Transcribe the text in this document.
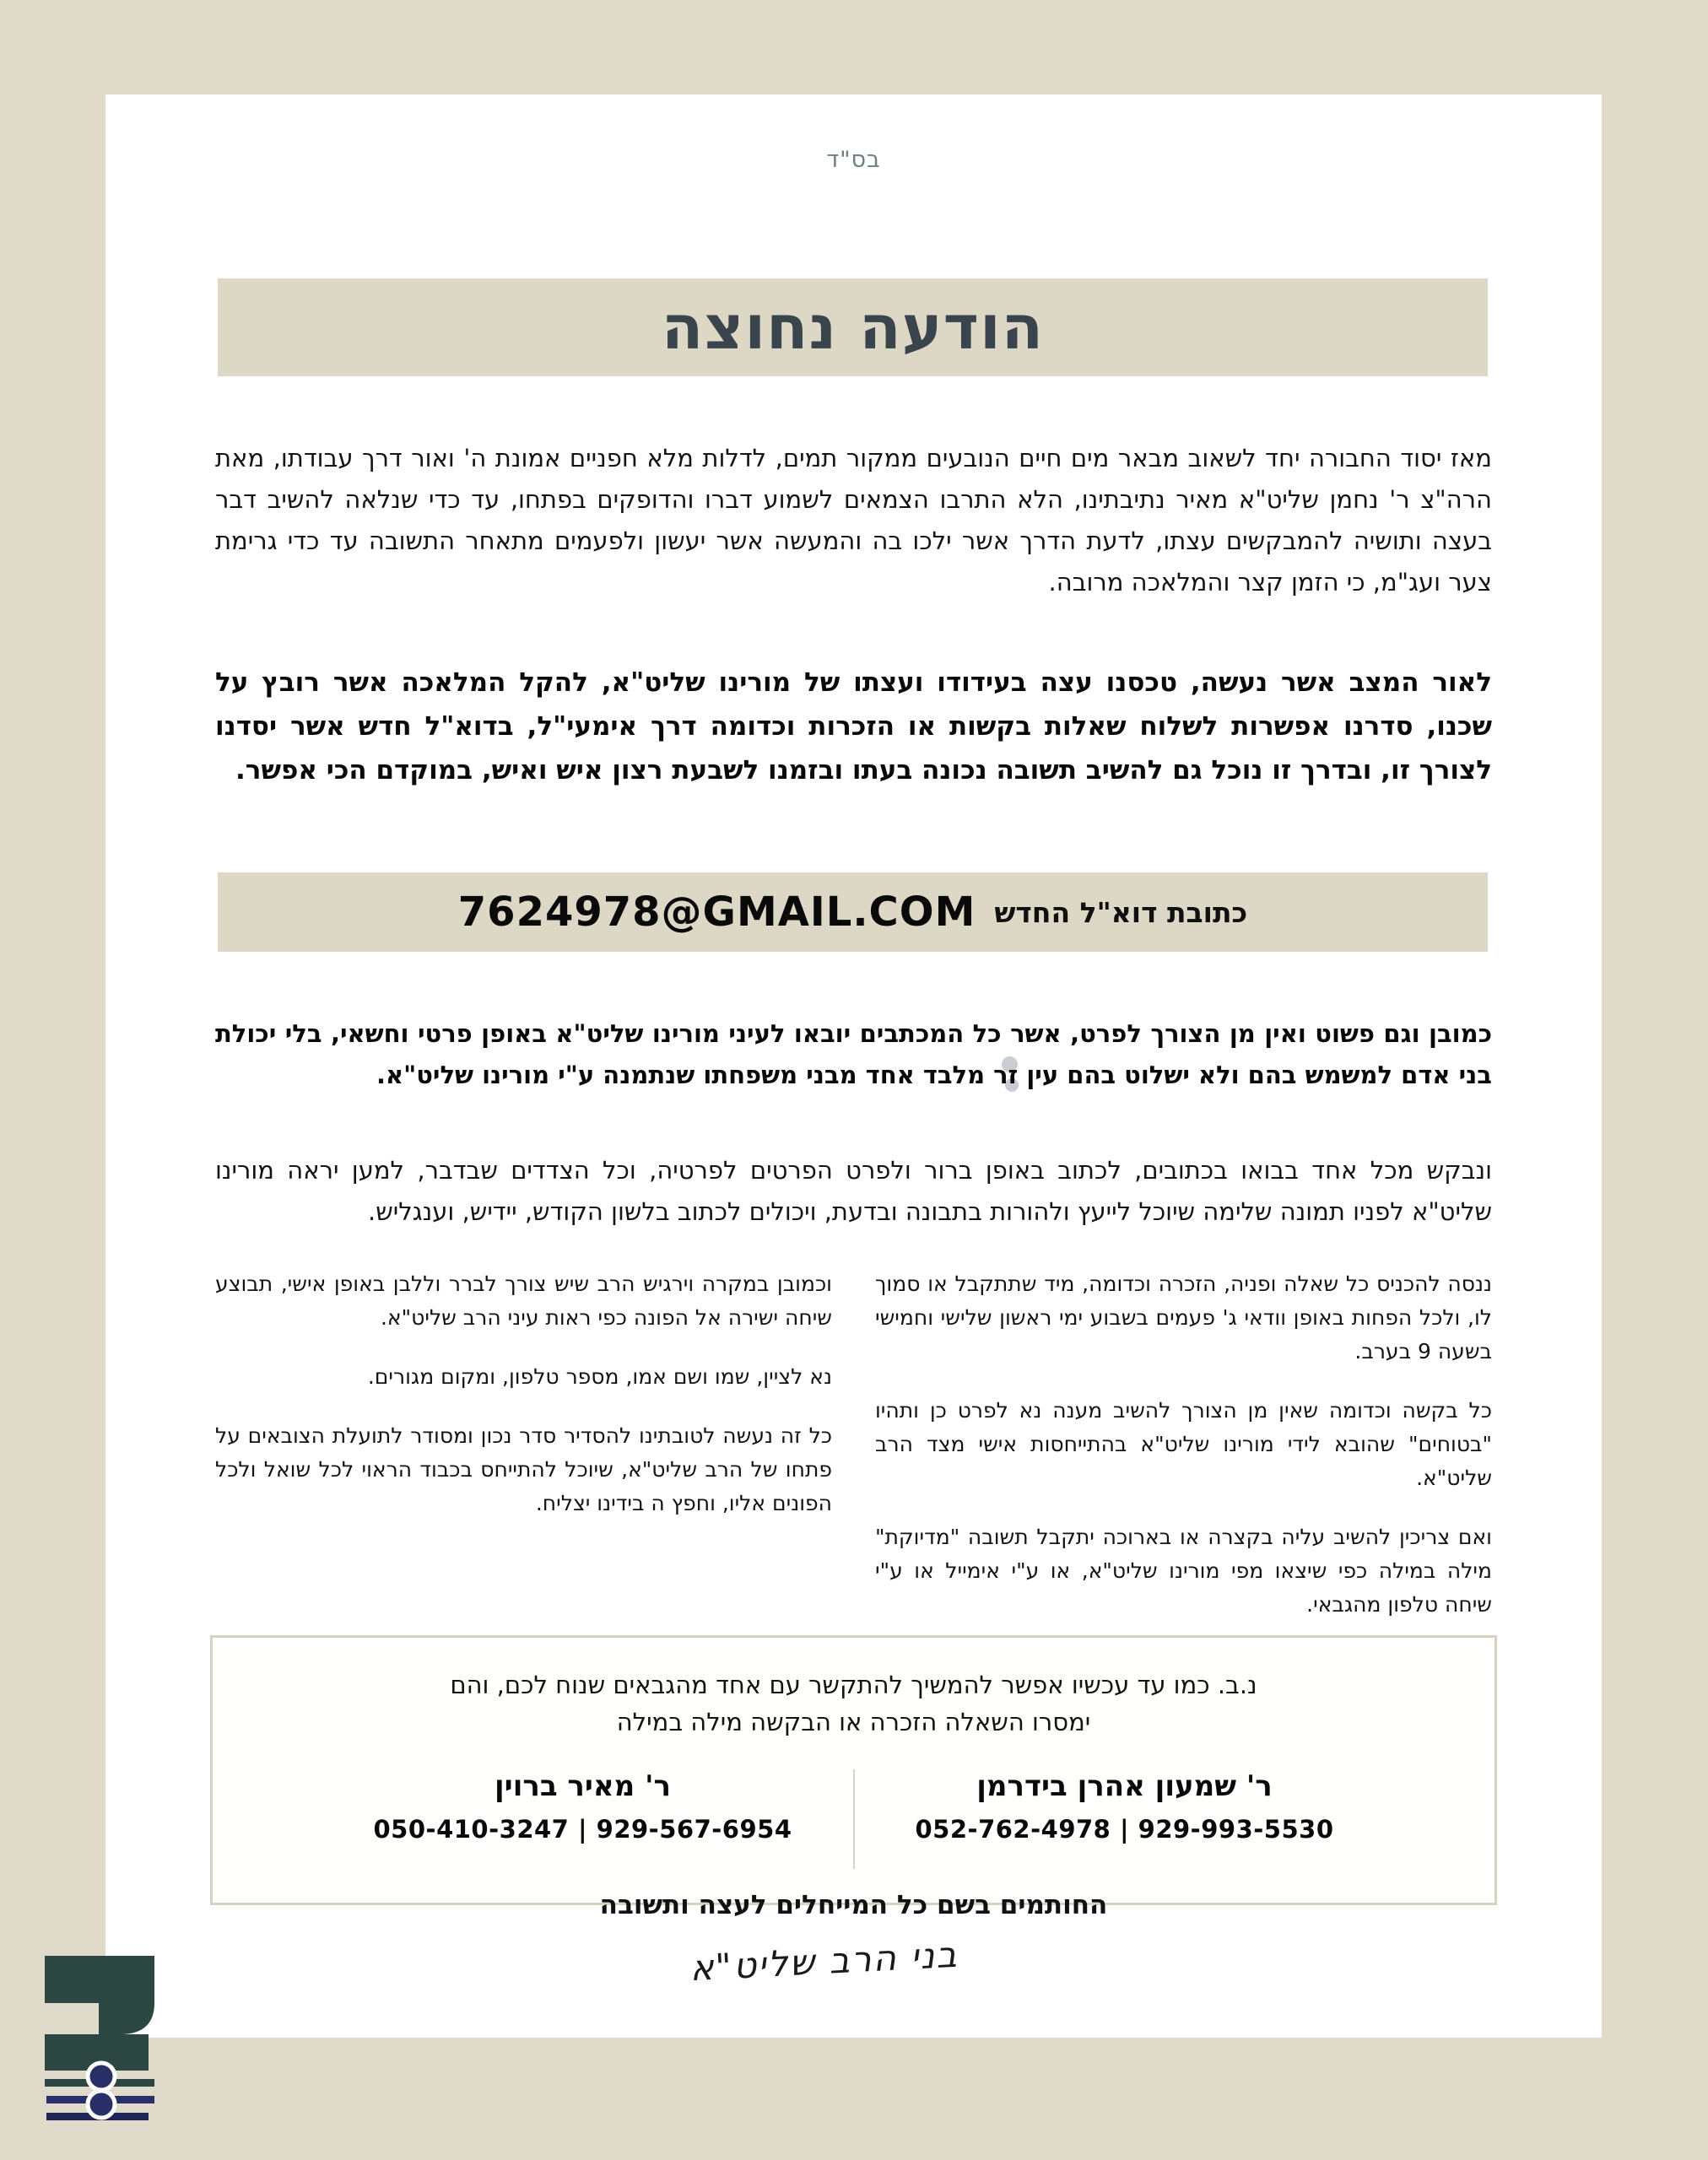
בס"ד
הודעה נחוצה

מאז יסוד החבורה יחד לשאוב מבאר מים חיים הנובעים ממקור תמים, לדלות מלא חפניים אמונת ה' ואור דרך עבודתו, מאת הרה"צ ר' נחמן שליט"א מאיר נתיבתינו, הלא התרבו הצמאים לשמוע דברו והדופקים בפתחו, עד כדי שנלאה להשיב דבר בעצה ותושיה להמבקשים עצתו, לדעת הדרך אשר ילכו בה והמעשה אשר יעשון ולפעמים מתאחר התשובה עד כדי גרימת צער ועג"מ, כי הזמן קצר והמלאכה מרובה.

לאור המצב אשר נעשה, טכסנו עצה בעידודו ועצתו של מורינו שליט"א, להקל המלאכה אשר רובץ על שכנו, סדרנו אפשרות לשלוח שאלות בקשות או הזכרות וכדומה דרך אימעי"ל, בדוא"ל חדש אשר יסדנו לצורך זו, ובדרך זו נוכל גם להשיב תשובה נכונה בעתו ובזמנו לשבעת רצון איש ואיש, במוקדם הכי אפשר.

כתובת דוא"ל החדש
7624978@GMAIL.COM

כמובן וגם פשוט ואין מן הצורך לפרט, אשר כל המכתבים יובאו לעיני מורינו שליט"א באופן פרטי וחשאי, בלי יכולת בני אדם למשמש בהם ולא ישלוט בהם עין זר מלבד אחד מבני משפחתו שנתמנה ע"י מורינו שליט"א.

ונבקש מכל אחד בבואו בכתובים, לכתוב באופן ברור ולפרט הפרטים לפרטיה, וכל הצדדים שבדבר, למען יראה מורינו שליט"א לפניו תמונה שלימה שיוכל לייעץ ולהורות בתבונה ובדעת, ויכולים לכתוב בלשון הקודש, יידיש, וענגליש.

ננסה להכניס כל שאלה ופניה, הזכרה וכדומה, מיד שתתקבל או סמוך לו, ולכל הפחות באופן וודאי ג' פעמים בשבוע ימי ראשון שלישי וחמישי בשעה 9 בערב.

כל בקשה וכדומה שאין מן הצורך להשיב מענה נא לפרט כן ותהיו "בטוחים" שהובא לידי מורינו שליט"א בהתייחסות אישי מצד הרב שליט"א.

ואם צריכין להשיב עליה בקצרה או בארוכה יתקבל תשובה "מדיוקת" מילה במילה כפי שיצאו מפי מורינו שליט"א, או ע"י אימייל או ע"י שיחה טלפון מהגבאי.

וכמובן במקרה וירגיש הרב שיש צורך לברר וללבן באופן אישי, תבוצע שיחה ישירה אל הפונה כפי ראות עיני הרב שליט"א.

נא לציין, שמו ושם אמו, מספר טלפון, ומקום מגורים.

כל זה נעשה לטובתינו להסדיר סדר נכון ומסודר לתועלת הצובאים על פתחו של הרב שליט"א, שיוכל להתייחס בכבוד הראוי לכל שואל ולכל הפונים אליו, וחפץ ה בידינו יצליח.

נ.ב. כמו עד עכשיו אפשר להמשיך להתקשר עם אחד מהגבאים שנוח לכם, והם
ימסרו השאלה הזכרה או הבקשה מילה במילה
ר' שמעון אהרן בידרמן
052-762-4978 | 929-993-5530
ר' מאיר ברוין
050-410-3247 | 929-567-6954
החותמים בשם כל המייחלים לעצה ותשובה
בני הרב שליט"א
